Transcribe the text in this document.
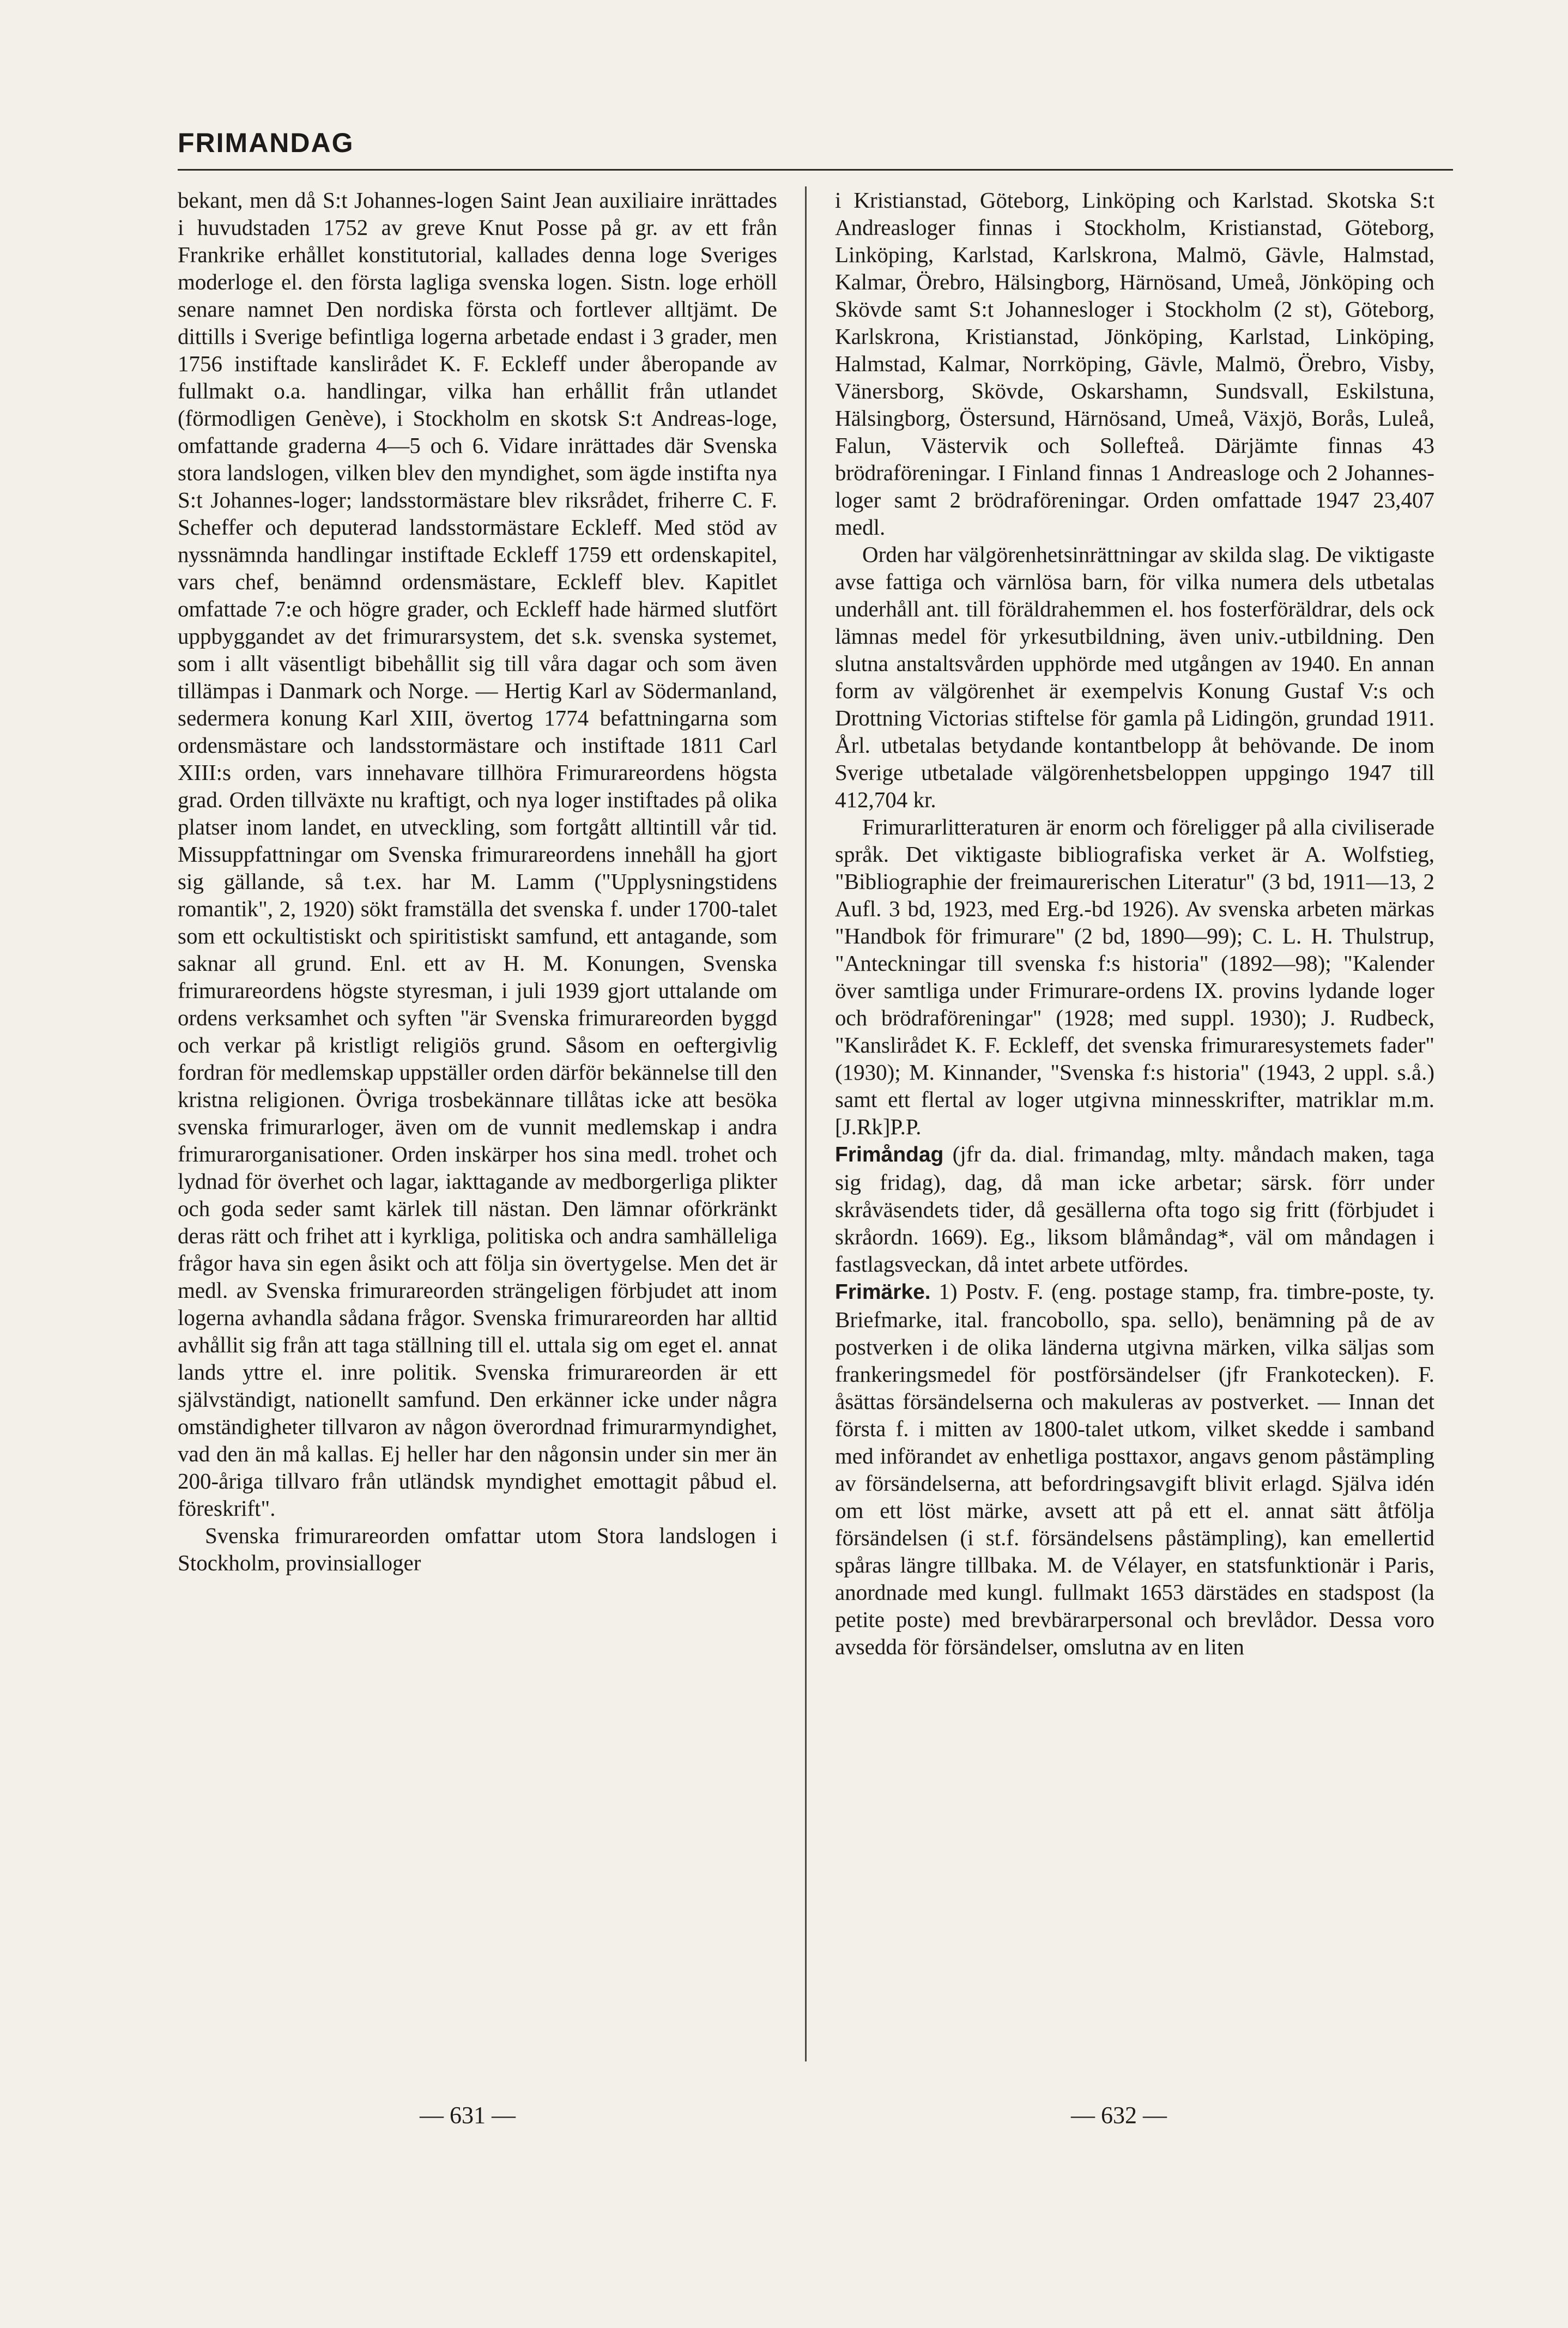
FRIMANDAG

bekant, men då S:t Johannes-logen Saint Jean auxiliaire inrättades i huvudstaden 1752 av greve Knut Posse på gr. av ett från Frankrike erhållet konstitutorial, kallades denna loge Sveriges moderloge el. den första lagliga svenska logen. Sistn. loge erhöll senare namnet Den nordiska första och fortlever alltjämt. De dittills i Sverige befintliga logerna arbetade endast i 3 grader, men 1756 instiftade kanslirådet K. F. Eckleff under åberopande av fullmakt o.a. handlingar, vilka han erhållit från utlandet (förmodligen Genève), i Stockholm en skotsk S:t Andreas-loge, omfattande graderna 4—5 och 6. Vidare inrättades där Svenska stora landslogen, vilken blev den myndighet, som ägde instifta nya S:t Johannes-loger; landsstormästare blev riksrådet, friherre C. F. Scheffer och deputerad landsstormästare Eckleff. Med stöd av nyssnämnda handlingar instiftade Eckleff 1759 ett ordenskapitel, vars chef, benämnd ordensmästare, Eckleff blev. Kapitlet omfattade 7:e och högre grader, och Eckleff hade härmed slutfört uppbyggandet av det frimurarsystem, det s.k. svenska systemet, som i allt väsentligt bibehållit sig till våra dagar och som även tillämpas i Danmark och Norge. — Hertig Karl av Södermanland, sedermera konung Karl XIII, övertog 1774 befattningarna som ordensmästare och landsstormästare och instiftade 1811 Carl XIII:s orden, vars innehavare tillhöra Frimurareordens högsta grad. Orden tillväxte nu kraftigt, och nya loger instiftades på olika platser inom landet, en utveckling, som fortgått alltintill vår tid. Missuppfattningar om Svenska frimurareordens innehåll ha gjort sig gällande, så t.ex. har M. Lamm ("Upplysningstidens romantik", 2, 1920) sökt framställa det svenska f. under 1700-talet som ett ockultistiskt och spiritistiskt samfund, ett antagande, som saknar all grund. Enl. ett av H. M. Konungen, Svenska frimurareordens högste styresman, i juli 1939 gjort uttalande om ordens verksamhet och syften "är Svenska frimurareorden byggd och verkar på kristligt religiös grund. Såsom en oeftergivlig fordran för medlemskap uppställer orden därför bekännelse till den kristna religionen. Övriga trosbekännare tillåtas icke att besöka svenska frimurarloger, även om de vunnit medlemskap i andra frimurarorganisationer. Orden inskärper hos sina medl. trohet och lydnad för överhet och lagar, iakttagande av medborgerliga plikter och goda seder samt kärlek till nästan. Den lämnar oförkränkt deras rätt och frihet att i kyrkliga, politiska och andra samhälleliga frågor hava sin egen åsikt och att följa sin övertygelse. Men det är medl. av Svenska frimurareorden strängeligen förbjudet att inom logerna avhandla sådana frågor. Svenska frimurareorden har alltid avhållit sig från att taga ställning till el. uttala sig om eget el. annat lands yttre el. inre politik. Svenska frimurareorden är ett självständigt, nationellt samfund. Den erkänner icke under några omständigheter tillvaron av någon överordnad frimurarmyndighet, vad den än må kallas. Ej heller har den någonsin under sin mer än 200-åriga tillvaro från utländsk myndighet emottagit påbud el. föreskrift".

Svenska frimurareorden omfattar utom Stora landslogen i Stockholm, provinsialloger

i Kristianstad, Göteborg, Linköping och Karlstad. Skotska S:t Andreasloger finnas i Stockholm, Kristianstad, Göteborg, Linköping, Karlstad, Karlskrona, Malmö, Gävle, Halmstad, Kalmar, Örebro, Hälsingborg, Härnösand, Umeå, Jönköping och Skövde samt S:t Johannesloger i Stockholm (2 st), Göteborg, Karlskrona, Kristianstad, Jönköping, Karlstad, Linköping, Halmstad, Kalmar, Norrköping, Gävle, Malmö, Örebro, Visby, Vänersborg, Skövde, Oskarshamn, Sundsvall, Eskilstuna, Hälsingborg, Östersund, Härnösand, Umeå, Växjö, Borås, Luleå, Falun, Västervik och Sollefteå. Därjämte finnas 43 brödraföreningar. I Finland finnas 1 Andreasloge och 2 Johannes-loger samt 2 brödraföreningar. Orden omfattade 1947 23,407 medl.

Orden har välgörenhetsinrättningar av skilda slag. De viktigaste avse fattiga och värnlösa barn, för vilka numera dels utbetalas underhåll ant. till föräldrahemmen el. hos fosterföräldrar, dels ock lämnas medel för yrkesutbildning, även univ.-utbildning. Den slutna anstaltsvården upphörde med utgången av 1940. En annan form av välgörenhet är exempelvis Konung Gustaf V:s och Drottning Victorias stiftelse för gamla på Lidingön, grundad 1911. Årl. utbetalas betydande kontantbelopp åt behövande. De inom Sverige utbetalade välgörenhetsbeloppen uppgingo 1947 till 412,704 kr.

Frimurarlitteraturen är enorm och föreligger på alla civiliserade språk. Det viktigaste bibliografiska verket är A. Wolfstieg, "Bibliographie der freimaurerischen Literatur" (3 bd, 1911—13, 2 Aufl. 3 bd, 1923, med Erg.-bd 1926). Av svenska arbeten märkas "Handbok för frimurare" (2 bd, 1890—99); C. L. H. Thulstrup, "Anteckningar till svenska f:s historia" (1892—98); "Kalender över samtliga under Frimurare-ordens IX. provins lydande loger och brödraföreningar" (1928; med suppl. 1930); J. Rudbeck, "Kanslirådet K. F. Eckleff, det svenska frimuraresystemets fader" (1930); M. Kinnander, "Svenska f:s historia" (1943, 2 uppl. s.å.) samt ett flertal av loger utgivna minnesskrifter, matriklar m.m. [J.Rk]P.P.

Frimåndag (jfr da. dial. frimandag, mlty. måndach maken, taga sig fridag), dag, då man icke arbetar; särsk. förr under skråväsendets tider, då gesällerna ofta togo sig fritt (förbjudet i skråordn. 1669). Eg., liksom blåmåndag*, väl om måndagen i fastlagsveckan, då intet arbete utfördes.

Frimärke. 1) Postv. F. (eng. postage stamp, fra. timbre-poste, ty. Briefmarke, ital. francobollo, spa. sello), benämning på de av postverken i de olika länderna utgivna märken, vilka säljas som frankeringsmedel för postförsändelser (jfr Frankotecken). F. åsättas försändelserna och makuleras av postverket. — Innan det första f. i mitten av 1800-talet utkom, vilket skedde i samband med införandet av enhetliga posttaxor, angavs genom påstämpling av försändelserna, att befordringsavgift blivit erlagd. Själva idén om ett löst märke, avsett att på ett el. annat sätt åtfölja försändelsen (i st.f. försändelsens påstämpling), kan emellertid spåras längre tillbaka. M. de Vélayer, en statsfunktionär i Paris, anordnade med kungl. fullmakt 1653 därstädes en stadspost (la petite poste) med brevbärarpersonal och brevlådor. Dessa voro avsedda för försändelser, omslutna av en liten

— 631 —	— 632 —
